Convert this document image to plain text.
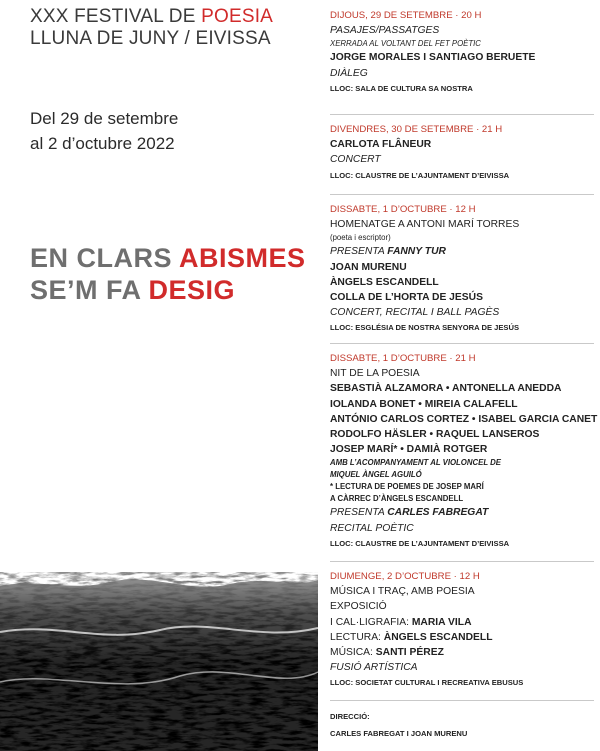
XXX FESTIVAL DE POESIA
LLUNA DE JUNY / EIVISSA
Del 29 de setembre
al 2 d’octubre 2022
EN CLARS ABISMES
SE’M FA DESIG
DIJOUS, 29 DE SETEMBRE · 20 H
PASAJES/PASSATGES
XERRADA AL VOLTANT DEL FET POÈTIC
JORGE MORALES I SANTIAGO BERUETE
DIÀLEG
LLOC: SALA DE CULTURA SA NOSTRA
DIVENDRES, 30 DE SETEMBRE · 21 H
CARLOTA FLÂNEUR
CONCERT
LLOC: CLAUSTRE DE L’AJUNTAMENT D’EIVISSA
DISSABTE, 1 D’OCTUBRE · 12 H
HOMENATGE A ANTONI MARÍ TORRES
(poeta i escriptor)
PRESENTA FANNY TUR
JOAN MURENU
ÀNGELS ESCANDELL
COLLA DE L’HORTA DE JESÚS
CONCERT, RECITAL I BALL PAGÈS
LLOC: ESGLÉSIA DE NOSTRA SENYORA DE JESÚS
DISSABTE, 1 D’OCTUBRE · 21 H
NIT DE LA POESIA
SEBASTIÀ ALZAMORA • ANTONELLA ANEDDA
IOLANDA BONET • MIREIA CALAFELL
ANTÓNIO CARLOS CORTEZ • ISABEL GARCIA CANET
RODOLFO HÄSLER • RAQUEL LANSEROS
JOSEP MARÍ* • DAMIÀ ROTGER
AMB L’ACOMPANYAMENT AL VIOLONCEL DE
MIQUEL ÀNGEL AGUILÓ
* LECTURA DE POEMES DE JOSEP MARÍ
A CÀRREC D’ÀNGELS ESCANDELL
PRESENTA CARLES FABREGAT
RECITAL POÈTIC
LLOC: CLAUSTRE DE L’AJUNTAMENT D’EIVISSA
DIUMENGE, 2 D’OCTUBRE · 12 H
MÚSICA I TRAÇ, AMB POESIA
EXPOSICIÓ
I CAL·LIGRAFIA: MARIA VILA
LECTURA: ÀNGELS ESCANDELL
MÚSICA: SANTI PÉREZ
FUSIÓ ARTÍSTICA
LLOC: SOCIETAT CULTURAL I RECREATIVA EBUSUS
DIRECCIÓ:
CARLES FABREGAT I JOAN MURENU
